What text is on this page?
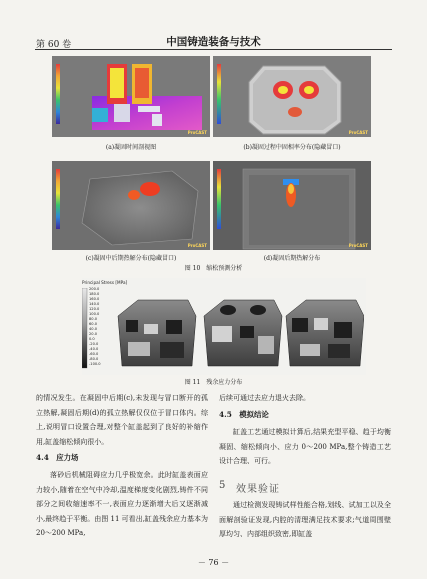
第 60 卷	中国铸造装备与技术
ProCAST	ProCAST
ProCAST	ProCAST
(a)凝固时间剖视图	(b)凝固过程中固相率分布(隐藏冒口)
(c)凝固中后期热解分布(隐藏冒口)	(d)凝固后期热解分布
图 10　缩松预测分析
Principal Stress [MPa]
200.0
180.0
160.0
140.0
120.0
100.0
80.0
60.0
40.0
20.0
0.0
-20.0
-40.0
-60.0
-80.0
-100.0
图 11　残余应力分布
的情况发生。在凝固中后期(c),未发现与冒口断开的孤立热解,凝固后期(d)的孤立热解仅仅位于冒口体内。综上,说明冒口设置合理,对整个缸盖起到了良好的补缩作用,缸盖缩松倾向很小。
4.4　应力场
落砂后机械阻碍应力几乎极宽余。此时缸盖表面应力较小,随着在空气中冷却,温度梯度变化剧烈,铸件不同部分之间收缩速率不一,表面应力逐渐增大后又逐渐减小,最终趋于平衡。由图 11 可看出,缸盖残余应力基本为 20～200 MPa,
后续可通过去应力退火去除。
4.5　模拟结论
缸盖工艺通过模拟计算后,结果充型平稳、趋于均衡凝固、缩松倾向小、应力 0～200 MPa,整个铸造工艺设计合理、可行。
5 效果验证
通过检测发现铸试样性能合格,划线、试加工以及全面解剖验证发现,内腔的清理满足技术要求;气道周围壁厚均匀、内部组织致密,即缸盖
－ 76 －
